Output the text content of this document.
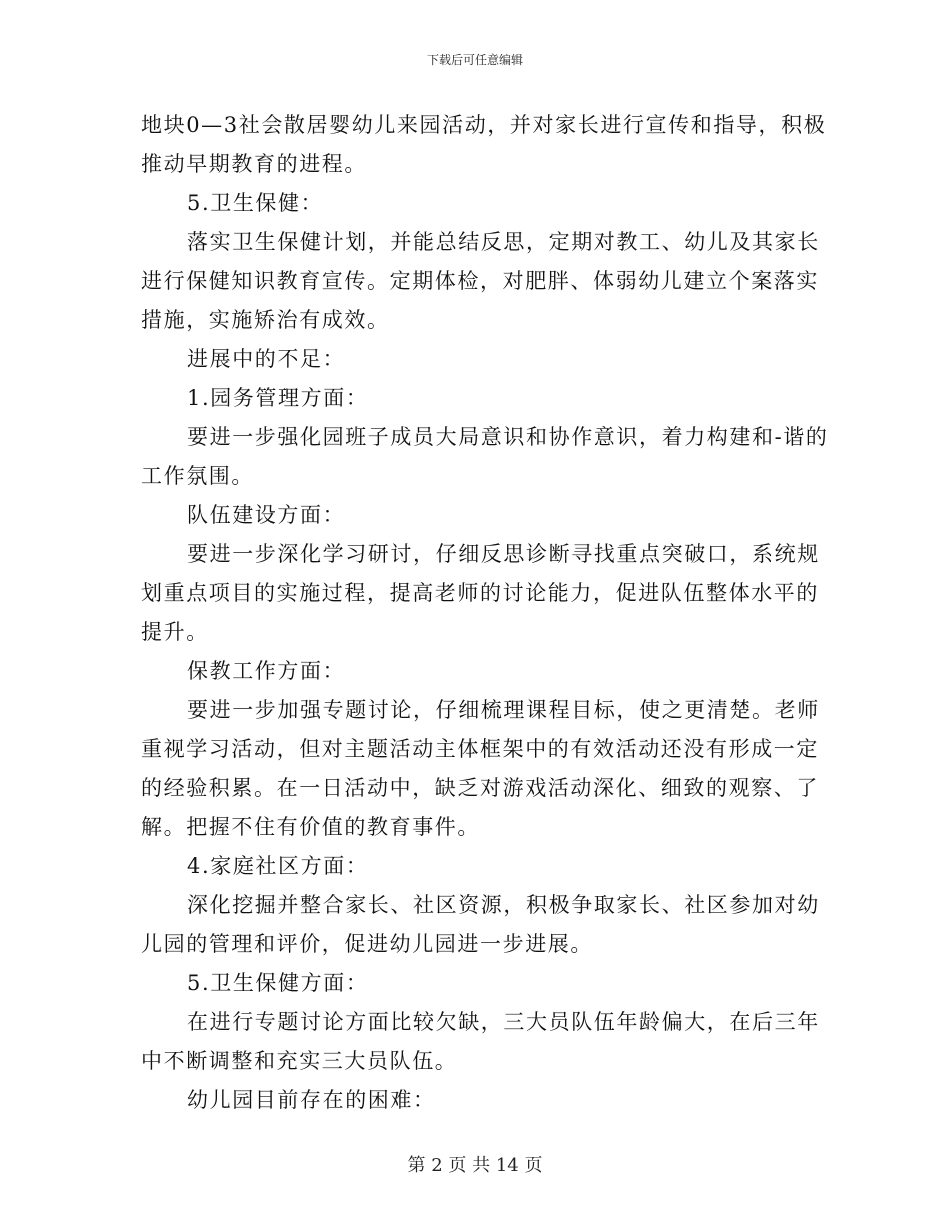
下载后可任意编辑
地块0—3社会散居婴幼儿来园活动，并对家长进行宣传和指导，积极
推动早期教育的进程。
5.卫生保健：
落实卫生保健计划，并能总结反思，定期对教工、幼儿及其家长
进行保健知识教育宣传。定期体检，对肥胖、体弱幼儿建立个案落实
措施，实施矫治有成效。
进展中的不足：
1.园务管理方面：
要进一步强化园班子成员大局意识和协作意识，着力构建和-谐的
工作氛围。
队伍建设方面：
要进一步深化学习研讨，仔细反思诊断寻找重点突破口，系统规
划重点项目的实施过程，提高老师的讨论能力，促进队伍整体水平的
提升。
保教工作方面：
要进一步加强专题讨论，仔细梳理课程目标，使之更清楚。老师
重视学习活动，但对主题活动主体框架中的有效活动还没有形成一定
的经验积累。在一日活动中，缺乏对游戏活动深化、细致的观察、了
解。把握不住有价值的教育事件。
4.家庭社区方面：
深化挖掘并整合家长、社区资源，积极争取家长、社区参加对幼
儿园的管理和评价，促进幼儿园进一步进展。
5.卫生保健方面：
在进行专题讨论方面比较欠缺，三大员队伍年龄偏大，在后三年
中不断调整和充实三大员队伍。
幼儿园目前存在的困难：
第 2 页 共 14 页
